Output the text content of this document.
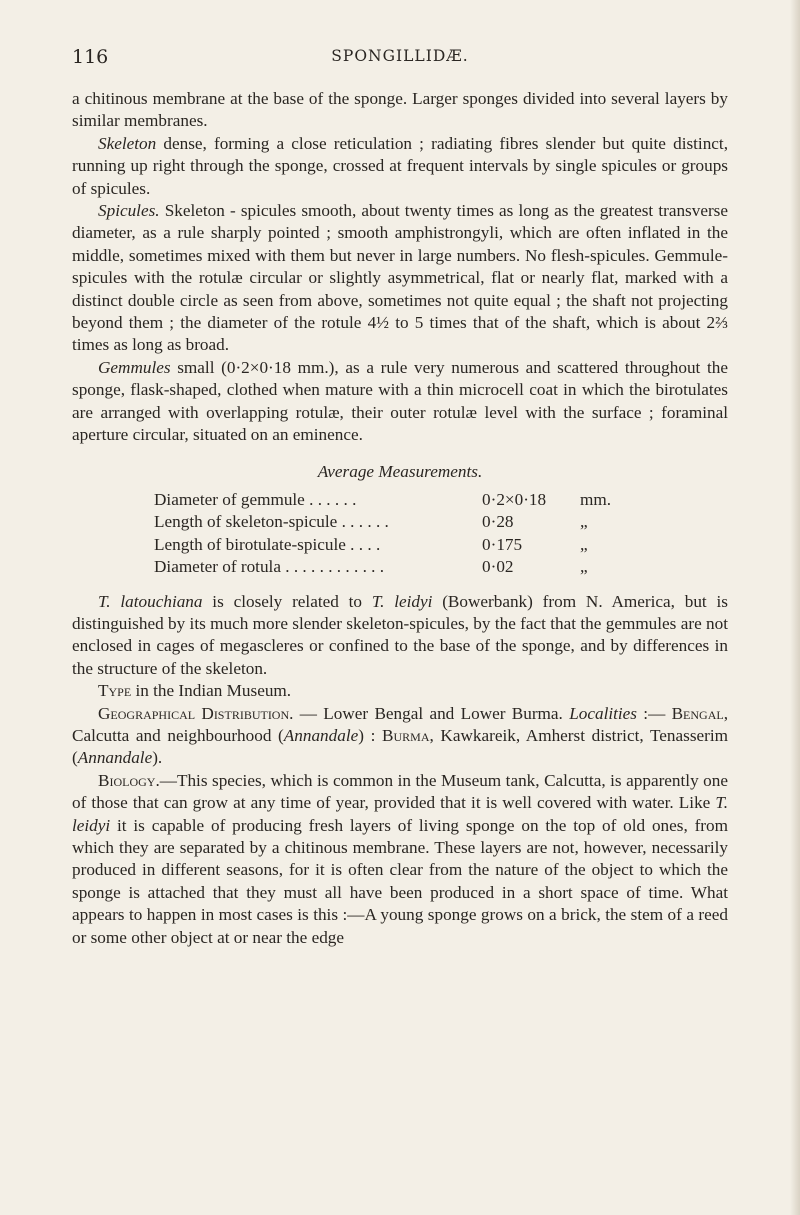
116	SPONGILLIDÆ.

a chitinous membrane at the base of the sponge. Larger sponges divided into several layers by similar membranes.

Skeleton dense, forming a close reticulation ; radiating fibres slender but quite distinct, running up right through the sponge, crossed at frequent intervals by single spicules or groups of spicules.

Spicules. Skeleton - spicules smooth, about twenty times as long as the greatest transverse diameter, as a rule sharply pointed ; smooth amphistrongyli, which are often inflated in the middle, sometimes mixed with them but never in large numbers. No flesh-spicules. Gemmule-spicules with the rotulæ circular or slightly asymmetrical, flat or nearly flat, marked with a distinct double circle as seen from above, sometimes not quite equal ; the shaft not projecting beyond them ; the diameter of the rotule 4½ to 5 times that of the shaft, which is about 2⅔ times as long as broad.

Gemmules small (0·2×0·18 mm.), as a rule very numerous and scattered throughout the sponge, flask-shaped, clothed when mature with a thin microcell coat in which the birotulates are arranged with overlapping rotulæ, their outer rotulæ level with the surface ; foraminal aperture circular, situated on an eminence.

Average Measurements.
Diameter of gemmule . . . . . .	0·2×0·18	mm.
Length of skeleton-spicule . . . . . .	0·28	„
Length of birotulate-spicule . . . .	0·175	„
Diameter of rotula . . . . . . . . . . . .	0·02	„

T. latouchiana is closely related to T. leidyi (Bowerbank) from N. America, but is distinguished by its much more slender skeleton-spicules, by the fact that the gemmules are not enclosed in cages of megascleres or confined to the base of the sponge, and by differences in the structure of the skeleton.

Type in the Indian Museum.

Geographical Distribution. — Lower Bengal and Lower Burma. Localities :— Bengal, Calcutta and neighbourhood (Annandale) : Burma, Kawkareik, Amherst district, Tenasserim (Annandale).

Biology.—This species, which is common in the Museum tank, Calcutta, is apparently one of those that can grow at any time of year, provided that it is well covered with water. Like T. leidyi it is capable of producing fresh layers of living sponge on the top of old ones, from which they are separated by a chitinous membrane. These layers are not, however, necessarily produced in different seasons, for it is often clear from the nature of the object to which the sponge is attached that they must all have been produced in a short space of time. What appears to happen in most cases is this :—A young sponge grows on a brick, the stem of a reed or some other object at or near the edge
